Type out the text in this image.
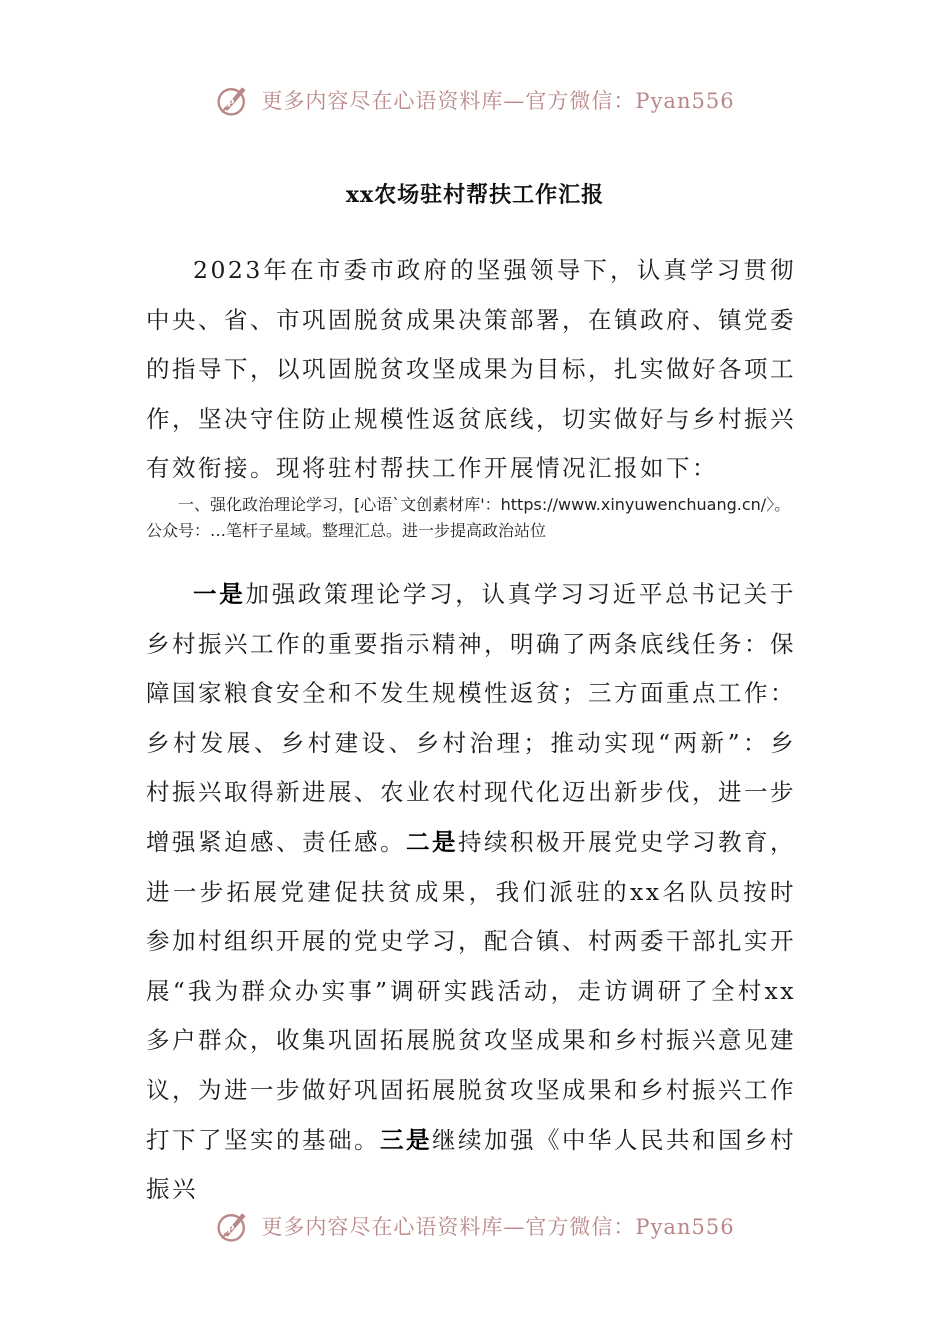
P 更多内容尽在心语资料库—官方微信：Pyan556
xx农场驻村帮扶工作汇报

2023年在市委市政府的坚强领导下，认真学习贯彻中央、省、市巩固脱贫成果决策部署，在镇政府、镇党委的指导下，以巩固脱贫攻坚成果为目标，扎实做好各项工作，坚决守住防止规模性返贫底线，切实做好与乡村振兴有效衔接。现将驻村帮扶工作开展情况汇报如下：

一、强化政治理论学习，[心语`文创素材库'：https://www.xinyuwenchuang.cn/〉。公众号：…笔杆子星域。整理汇总。进一步提高政治站位

一是加强政策理论学习，认真学习习近平总书记关于乡村振兴工作的重要指示精神，明确了两条底线任务：保障国家粮食安全和不发生规模性返贫；三方面重点工作：乡村发展、乡村建设、乡村治理；推动实现“两新”：乡村振兴取得新进展、农业农村现代化迈出新步伐，进一步增强紧迫感、责任感。二是持续积极开展党史学习教育，进一步拓展党建促扶贫成果，我们派驻的xx名队员按时参加村组织开展的党史学习，配合镇、村两委干部扎实开展“我为群众办实事”调研实践活动，走访调研了全村xx多户群众，收集巩固拓展脱贫攻坚成果和乡村振兴意见建议，为进一步做好巩固拓展脱贫攻坚成果和乡村振兴工作打下了坚实的基础。三是继续加强《中华人民共和国乡村振兴

P 更多内容尽在心语资料库—官方微信：Pyan556
